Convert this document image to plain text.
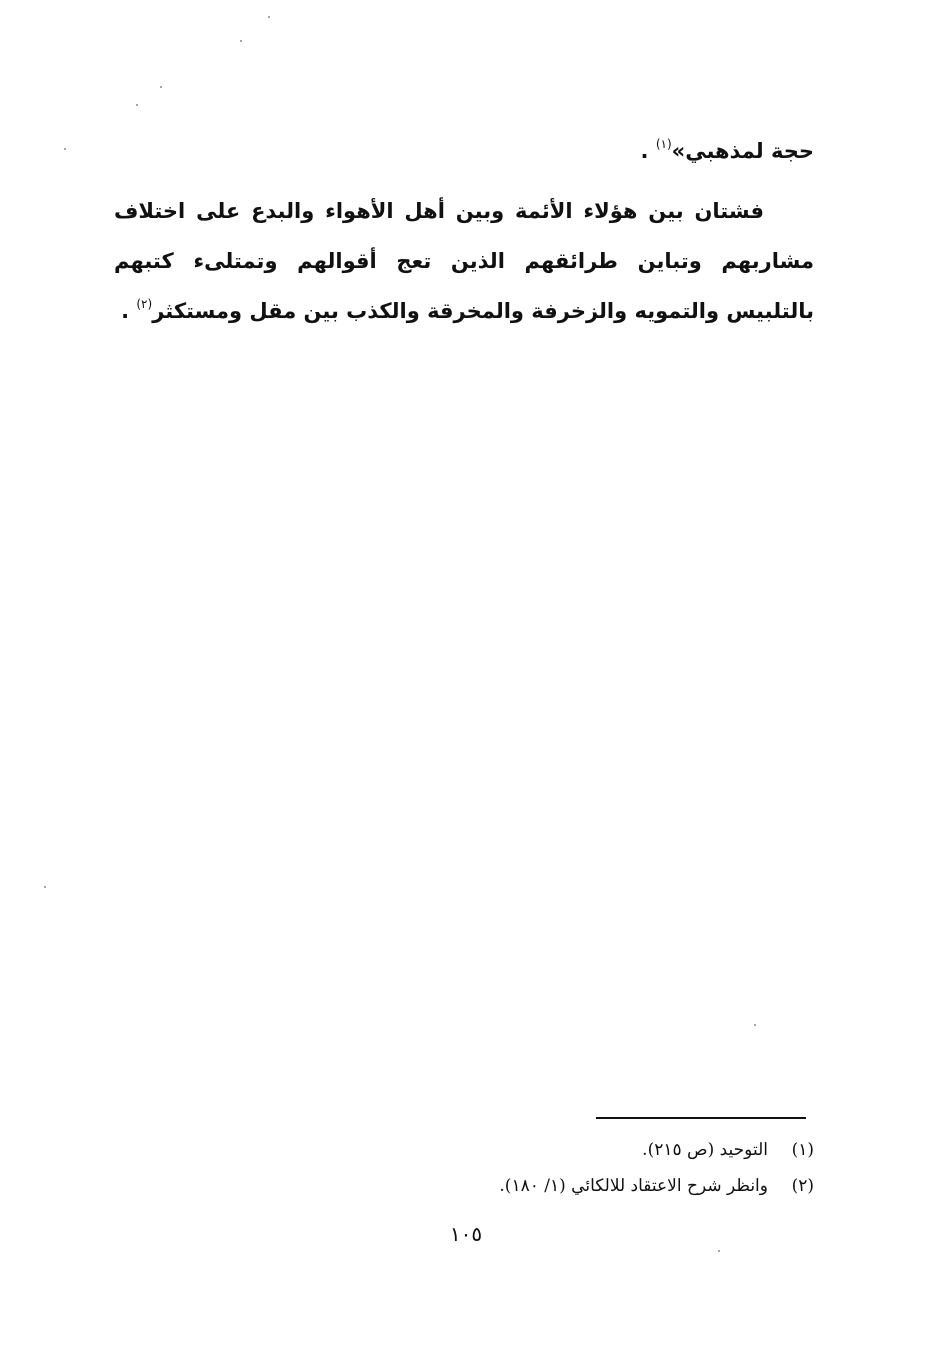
حجة لمذهبي»$^{(١)}$ .
فشتان بين هؤلاء الأئمة وبين أهل الأهواء والبدع على اختلاف مشاربهم وتباين طرائقهم الذين تعج أقوالهم وتمتلىء كتبهم بالتلبيس والتمويه والزخرفة والمخرقة والكذب بين مقل ومستكثر$^{(٢)}$ .
(١)التوحيد (ص ٢١٥).
(٢)وانظر شرح الاعتقاد للالكائي (١/ ١٨٠).
١٠٥
